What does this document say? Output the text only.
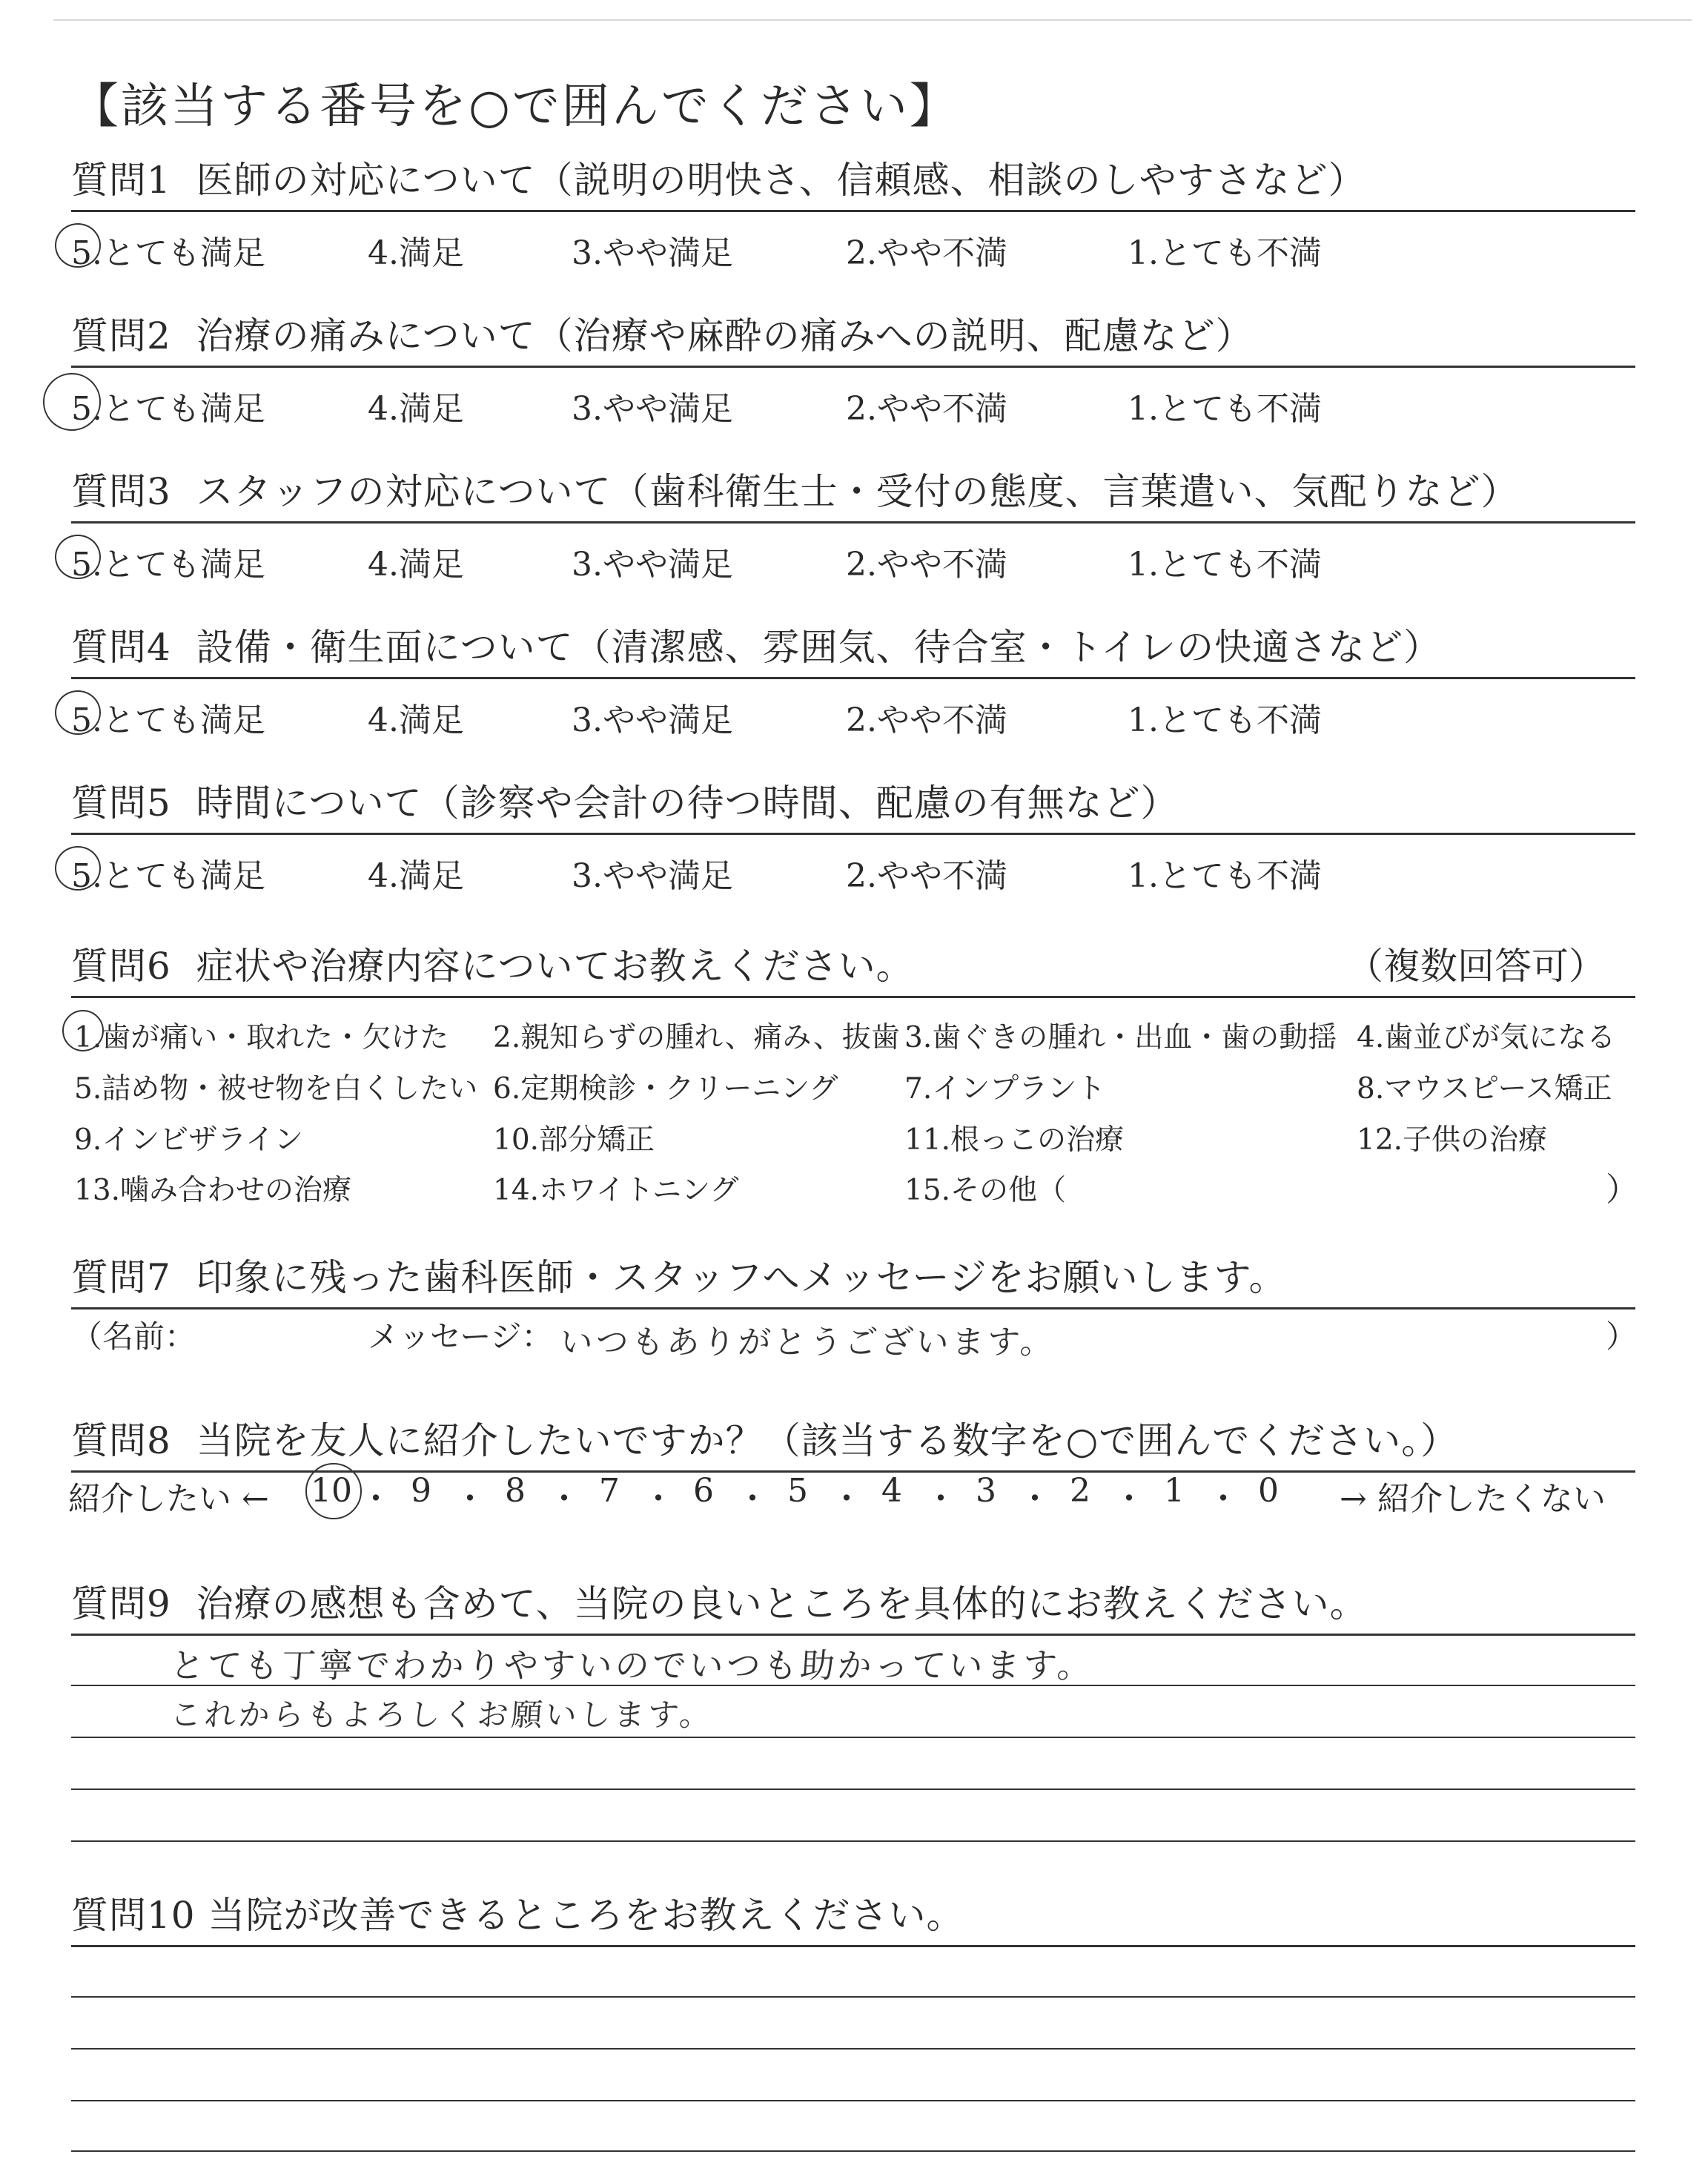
【該当する番号を○で囲んでください】
質問1 医師の対応について（説明の明快さ、信頼感、相談のしやすさなど）
5.とても満足	4.満足	3.やや満足	2.やや不満	1.とても不満
質問2 治療の痛みについて（治療や麻酔の痛みへの説明、配慮など）
5.とても満足	4.満足	3.やや満足	2.やや不満	1.とても不満
質問3 スタッフの対応について（歯科衛生士・受付の態度、言葉遣い、気配りなど）
5.とても満足	4.満足	3.やや満足	2.やや不満	1.とても不満
質問4 設備・衛生面について（清潔感、雰囲気、待合室・トイレの快適さなど）
5.とても満足	4.満足	3.やや満足	2.やや不満	1.とても不満
質問5 時間について（診察や会計の待つ時間、配慮の有無など）
5.とても満足	4.満足	3.やや満足	2.やや不満	1.とても不満
質問6 症状や治療内容についてお教えください。	（複数回答可）
1.歯が痛い・取れた・欠けた 2.親知らずの腫れ、痛み、抜歯 3.歯ぐきの腫れ・出血・歯の動揺 4.歯並びが気になる
5.詰め物・被せ物を白くしたい 6.定期検診・クリーニング 7.インプラント	8.マウスピース矯正
9.インビザライン	10.部分矯正	11.根っこの治療	12.子供の治療
13.噛み合わせの治療	14.ホワイトニング	15.その他（	）
質問7 印象に残った歯科医師・スタッフへメッセージをお願いします。
（名前：	メッセージ： いつもありがとうございます。	）
質問8 当院を友人に紹介したいですか？（該当する数字を○で囲んでください。）
紹介したい ←	→ 紹介したくない
10 ・ 9 ・ 8 ・ 7 ・ 6 ・ 5 ・ 4 ・ 3 ・ 2 ・ 1 ・ 0
質問9 治療の感想も含めて、当院の良いところを具体的にお教えください。
とても丁寧でわかりやすいのでいつも助かっています。
これからもよろしくお願いします。
質問10 当院が改善できるところをお教えください。
